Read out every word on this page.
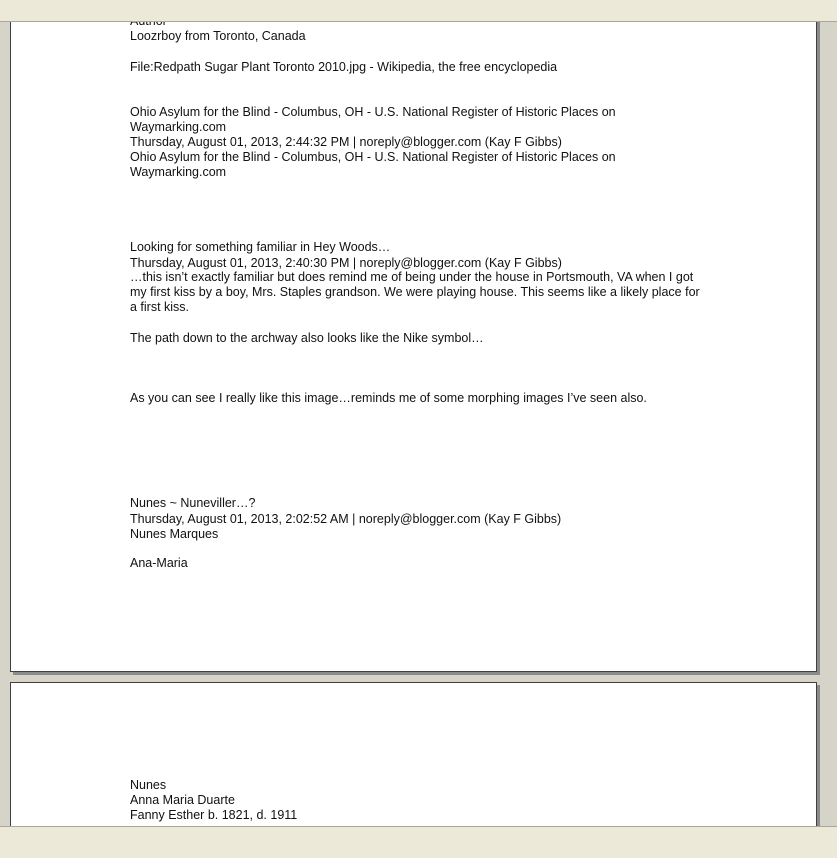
Loozrboy from Toronto, Canada
File:Redpath Sugar Plant Toronto 2010.jpg - Wikipedia, the free encyclopedia
Ohio Asylum for the Blind - Columbus, OH - U.S. National Register of Historic Places on Waymarking.com
Thursday, August 01, 2013, 2:44:32 PM | noreply@blogger.com (Kay F Gibbs)
Ohio Asylum for the Blind - Columbus, OH - U.S. National Register of Historic Places on Waymarking.com
Looking for something familiar in Hey Woods…
Thursday, August 01, 2013, 2:40:30 PM | noreply@blogger.com (Kay F Gibbs)
…this isn’t exactly familiar but does remind me of being under the house in Portsmouth, VA when I got my first kiss by a boy, Mrs. Staples grandson. We were playing house. This seems like a likely place for a first kiss.
The path down to the archway also looks like the Nike symbol…
As you can see I really like this image…reminds me of some morphing images I’ve seen also.
Nunes ~ Nuneviller…?
Thursday, August 01, 2013, 2:02:52 AM | noreply@blogger.com (Kay F Gibbs)
Nunes Marques
Ana-Maria
Nunes
Anna Maria Duarte
Fanny Esther b. 1821, d. 1911
